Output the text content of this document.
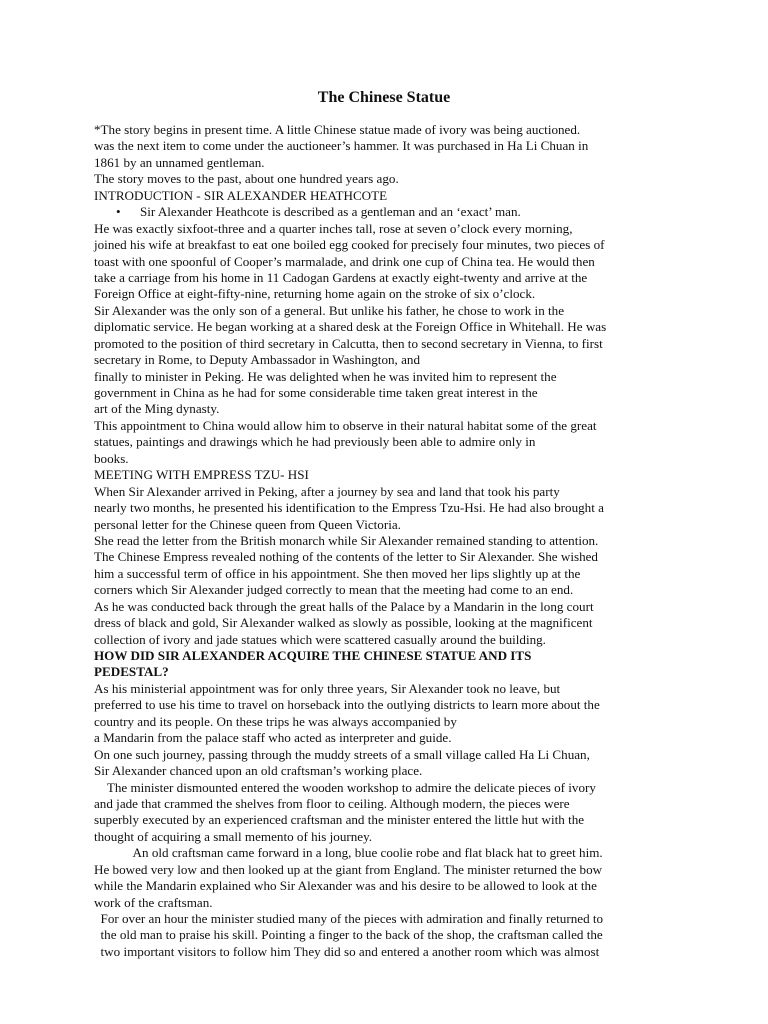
The Chinese Statue
*The story begins in present time. A little Chinese statue made of ivory was being auctioned.
was the next item to come under the auctioneer’s hammer. It was purchased in Ha Li Chuan in
1861 by an unnamed gentleman.
The story moves to the past, about one hundred years ago.
INTRODUCTION - SIR ALEXANDER HEATHCOTE
• Sir Alexander Heathcote is described as a gentleman and an ‘exact’ man.
He was exactly sixfoot-three and a quarter inches tall, rose at seven o’clock every morning,
joined his wife at breakfast to eat one boiled egg cooked for precisely four minutes, two pieces of
toast with one spoonful of Cooper’s marmalade, and drink one cup of China tea. He would then
take a carriage from his home in 11 Cadogan Gardens at exactly eight-twenty and arrive at the
Foreign Office at eight-fifty-nine, returning home again on the stroke of six o’clock.
Sir Alexander was the only son of a general. But unlike his father, he chose to work in the
diplomatic service. He began working at a shared desk at the Foreign Office in Whitehall. He was
promoted to the position of third secretary in Calcutta, then to second secretary in Vienna, to first
secretary in Rome, to Deputy Ambassador in Washington, and
finally to minister in Peking. He was delighted when he was invited him to represent the
government in China as he had for some considerable time taken great interest in the
art of the Ming dynasty.
This appointment to China would allow him to observe in their natural habitat some of the great
statues, paintings and drawings which he had previously been able to admire only in
books.
MEETING WITH EMPRESS TZU- HSI
When Sir Alexander arrived in Peking, after a journey by sea and land that took his party
nearly two months, he presented his identification to the Empress Tzu-Hsi. He had also brought a
personal letter for the Chinese queen from Queen Victoria.
She read the letter from the British monarch while Sir Alexander remained standing to attention.
The Chinese Empress revealed nothing of the contents of the letter to Sir Alexander. She wished
him a successful term of office in his appointment. She then moved her lips slightly up at the
corners which Sir Alexander judged correctly to mean that the meeting had come to an end.
As he was conducted back through the great halls of the Palace by a Mandarin in the long court
dress of black and gold, Sir Alexander walked as slowly as possible, looking at the magnificent
collection of ivory and jade statues which were scattered casually around the building.
HOW DID SIR ALEXANDER ACQUIRE THE CHINESE STATUE AND ITS
PEDESTAL?
As his ministerial appointment was for only three years, Sir Alexander took no leave, but
preferred to use his time to travel on horseback into the outlying districts to learn more about the
country and its people. On these trips he was always accompanied by
a Mandarin from the palace staff who acted as interpreter and guide.
On one such journey, passing through the muddy streets of a small village called Ha Li Chuan,
Sir Alexander chanced upon an old craftsman’s working place.
The minister dismounted entered the wooden workshop to admire the delicate pieces of ivory
and jade that crammed the shelves from floor to ceiling. Although modern, the pieces were
superbly executed by an experienced craftsman and the minister entered the little hut with the
thought of acquiring a small memento of his journey.
An old craftsman came forward in a long, blue coolie robe and flat black hat to greet him.
He bowed very low and then looked up at the giant from England. The minister returned the bow
while the Mandarin explained who Sir Alexander was and his desire to be allowed to look at the
work of the craftsman.
For over an hour the minister studied many of the pieces with admiration and finally returned to
the old man to praise his skill. Pointing a finger to the back of the shop, the craftsman called the
two important visitors to follow him They did so and entered a another room which was almost
